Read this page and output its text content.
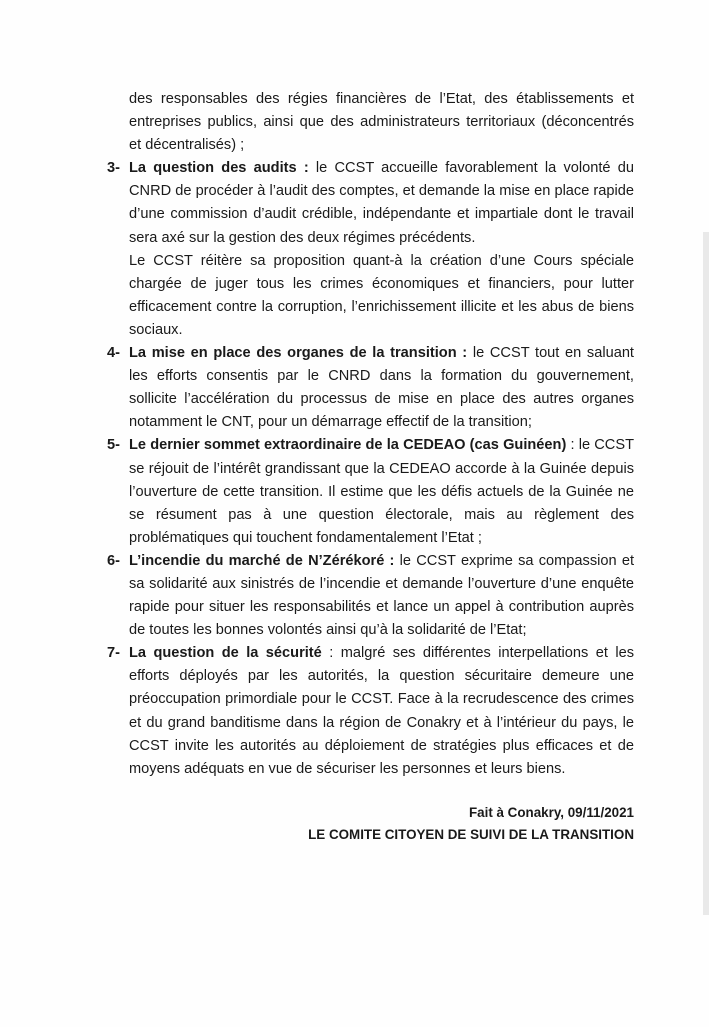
des responsables des régies financières de l’Etat, des établissements et entreprises publics, ainsi que des administrateurs territoriaux (déconcentrés et décentralisés) ;

3- La question des audits : le CCST accueille favorablement la volonté du CNRD de procéder à l’audit des comptes, et demande la mise en place rapide d’une commission d’audit crédible, indépendante et impartiale dont le travail sera axé sur la gestion des deux régimes précédents.

Le CCST réitère sa proposition quant-à la création d’une Cours spéciale chargée de juger tous les crimes économiques et financiers, pour lutter efficacement contre la corruption, l’enrichissement illicite et les abus de biens sociaux.

4- La mise en place des organes de la transition : le CCST tout en saluant les efforts consentis par le CNRD dans la formation du gouvernement, sollicite l’accélération du processus de mise en place des autres organes notamment le CNT, pour un démarrage effectif de la transition;

5- Le dernier sommet extraordinaire de la CEDEAO (cas Guinéen) : le CCST se réjouit de l’intérêt grandissant que la CEDEAO accorde à la Guinée depuis l’ouverture de cette transition. Il estime que les défis actuels de la Guinée ne se résument pas à une question électorale, mais au règlement des problématiques qui touchent fondamentalement l’Etat ;

6- L’incendie du marché de N’Zérékoré : le CCST exprime sa compassion et sa solidarité aux sinistrés de l’incendie et demande l’ouverture d’une enquête rapide pour situer les responsabilités et lance un appel à contribution auprès de toutes les bonnes volontés ainsi qu’à la solidarité de l’Etat;

7- La question de la sécurité : malgré ses différentes interpellations et les efforts déployés par les autorités, la question sécuritaire demeure une préoccupation primordiale pour le CCST. Face à la recrudescence des crimes et du grand banditisme dans la région de Conakry et à l’intérieur du pays, le CCST invite les autorités au déploiement de stratégies plus efficaces et de moyens adéquats en vue de sécuriser les personnes et leurs biens.

Fait à Conakry, 09/11/2021
LE COMITE CITOYEN DE SUIVI DE LA TRANSITION
